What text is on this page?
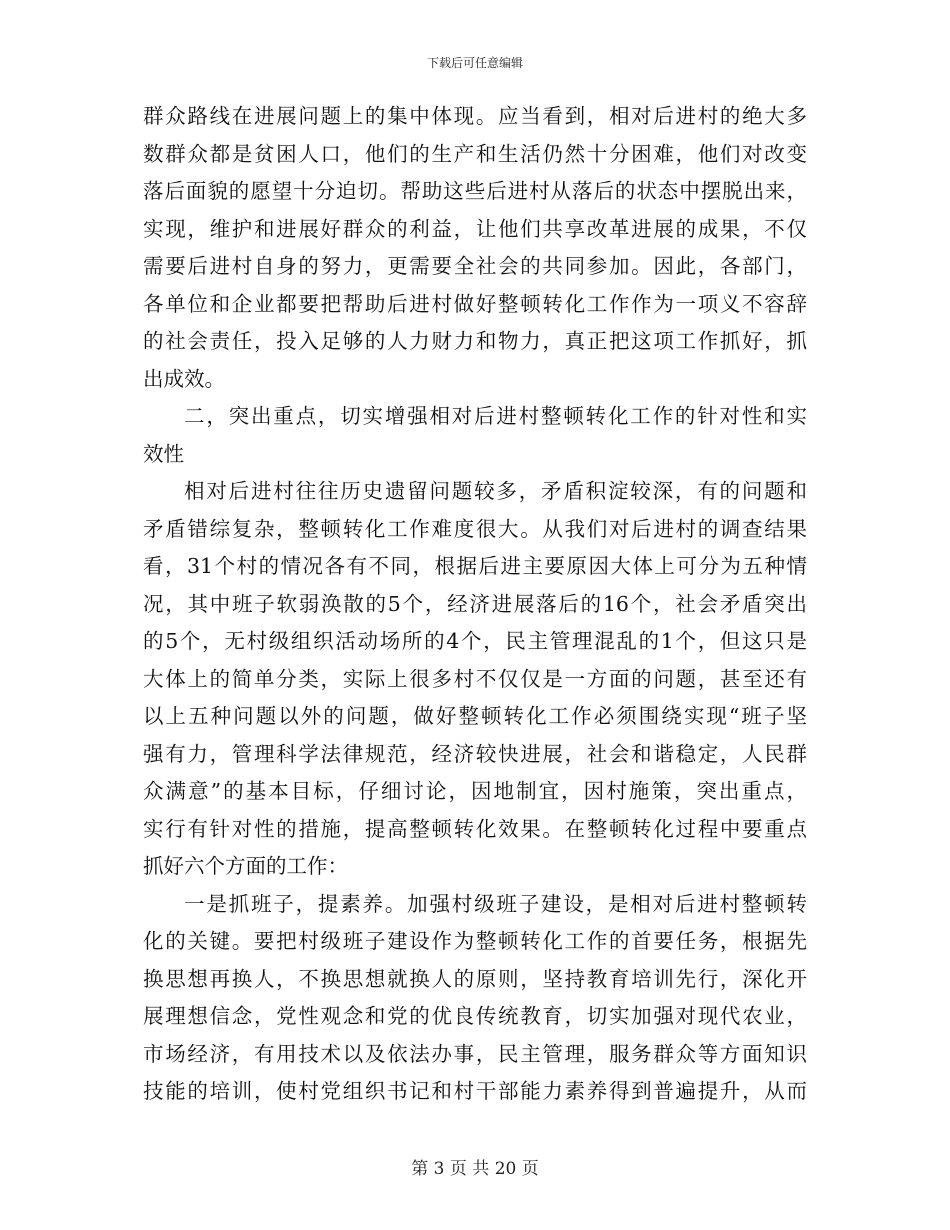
下载后可任意编辑
群众路线在进展问题上的集中体现。应当看到，相对后进村的绝大多
数群众都是贫困人口，他们的生产和生活仍然十分困难，他们对改变
落后面貌的愿望十分迫切。帮助这些后进村从落后的状态中摆脱出来，
实现，维护和进展好群众的利益，让他们共享改革进展的成果，不仅
需要后进村自身的努力，更需要全社会的共同参加。因此，各部门，
各单位和企业都要把帮助后进村做好整顿转化工作作为一项义不容辞
的社会责任，投入足够的人力财力和物力，真正把这项工作抓好，抓
出成效。
二，突出重点，切实增强相对后进村整顿转化工作的针对性和实
效性
相对后进村往往历史遗留问题较多，矛盾积淀较深，有的问题和
矛盾错综复杂，整顿转化工作难度很大。从我们对后进村的调查结果
看，31个村的情况各有不同，根据后进主要原因大体上可分为五种情
况，其中班子软弱涣散的5个，经济进展落后的16个，社会矛盾突出
的5个，无村级组织活动场所的4个，民主管理混乱的1个，但这只是
大体上的简单分类，实际上很多村不仅仅是一方面的问题，甚至还有
以上五种问题以外的问题，做好整顿转化工作必须围绕实现“班子坚
强有力，管理科学法律规范，经济较快进展，社会和谐稳定，人民群
众满意”的基本目标，仔细讨论，因地制宜，因村施策，突出重点，
实行有针对性的措施，提高整顿转化效果。在整顿转化过程中要重点
抓好六个方面的工作：
一是抓班子，提素养。加强村级班子建设，是相对后进村整顿转
化的关键。要把村级班子建设作为整顿转化工作的首要任务，根据先
换思想再换人，不换思想就换人的原则，坚持教育培训先行，深化开
展理想信念，党性观念和党的优良传统教育，切实加强对现代农业，
市场经济，有用技术以及依法办事，民主管理，服务群众等方面知识
技能的培训，使村党组织书记和村干部能力素养得到普遍提升，从而
第 3 页 共 20 页
